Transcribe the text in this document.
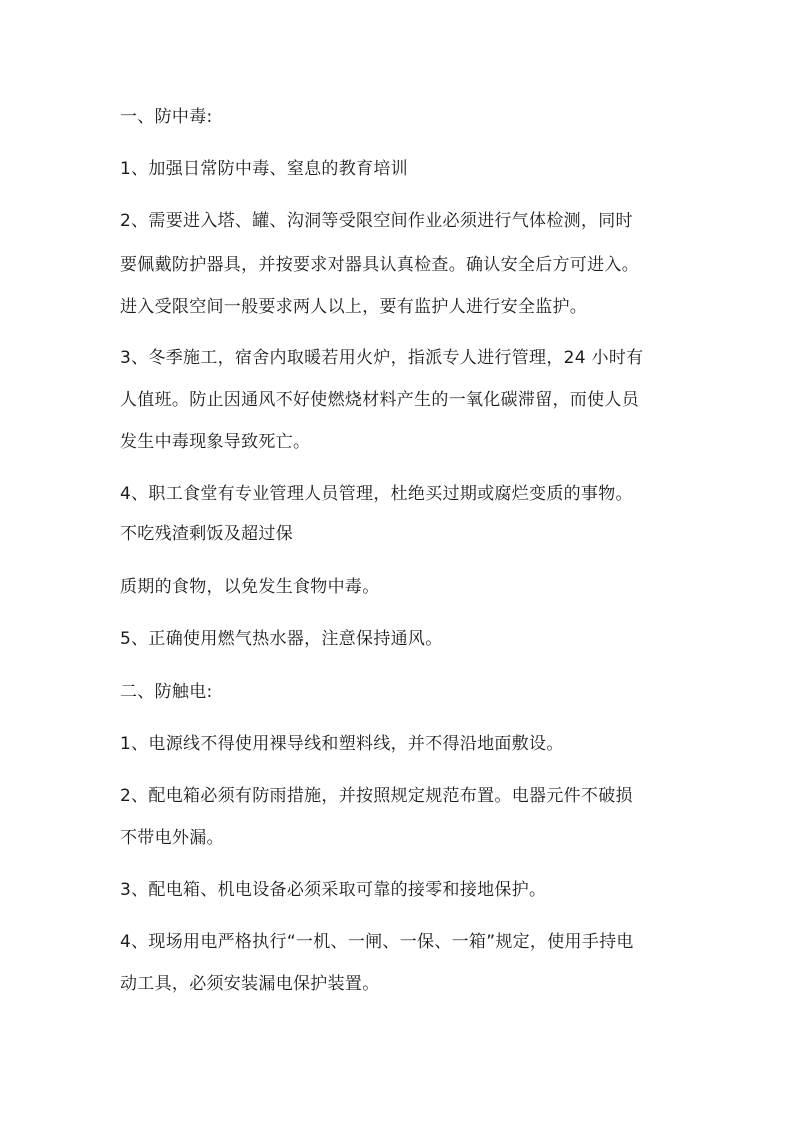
一、防中毒:
1、加强日常防中毒、窒息的教育培训
2、需要进入塔、罐、沟洞等受限空间作业必须进行气体检测，同时
要佩戴防护器具，并按要求对器具认真检查。确认安全后方可进入。
进入受限空间一般要求两人以上，要有监护人进行安全监护。
3、冬季施工，宿舍内取暖若用火炉，指派专人进行管理，24 小时有
人值班。防止因通风不好使燃烧材料产生的一氧化碳滞留，而使人员
发生中毒现象导致死亡。
4、职工食堂有专业管理人员管理，杜绝买过期或腐烂变质的事物。
不吃残渣剩饭及超过保
质期的食物，以免发生食物中毒。
5、正确使用燃气热水器，注意保持通风。
二、防触电:
1、电源线不得使用裸导线和塑料线，并不得沿地面敷设。
2、配电箱必须有防雨措施，并按照规定规范布置。电器元件不破损
不带电外漏。
3、配电箱、机电设备必须采取可靠的接零和接地保护。
4、现场用电严格执行“一机、一闸、一保、一箱”规定，使用手持电
动工具，必须安装漏电保护装置。
